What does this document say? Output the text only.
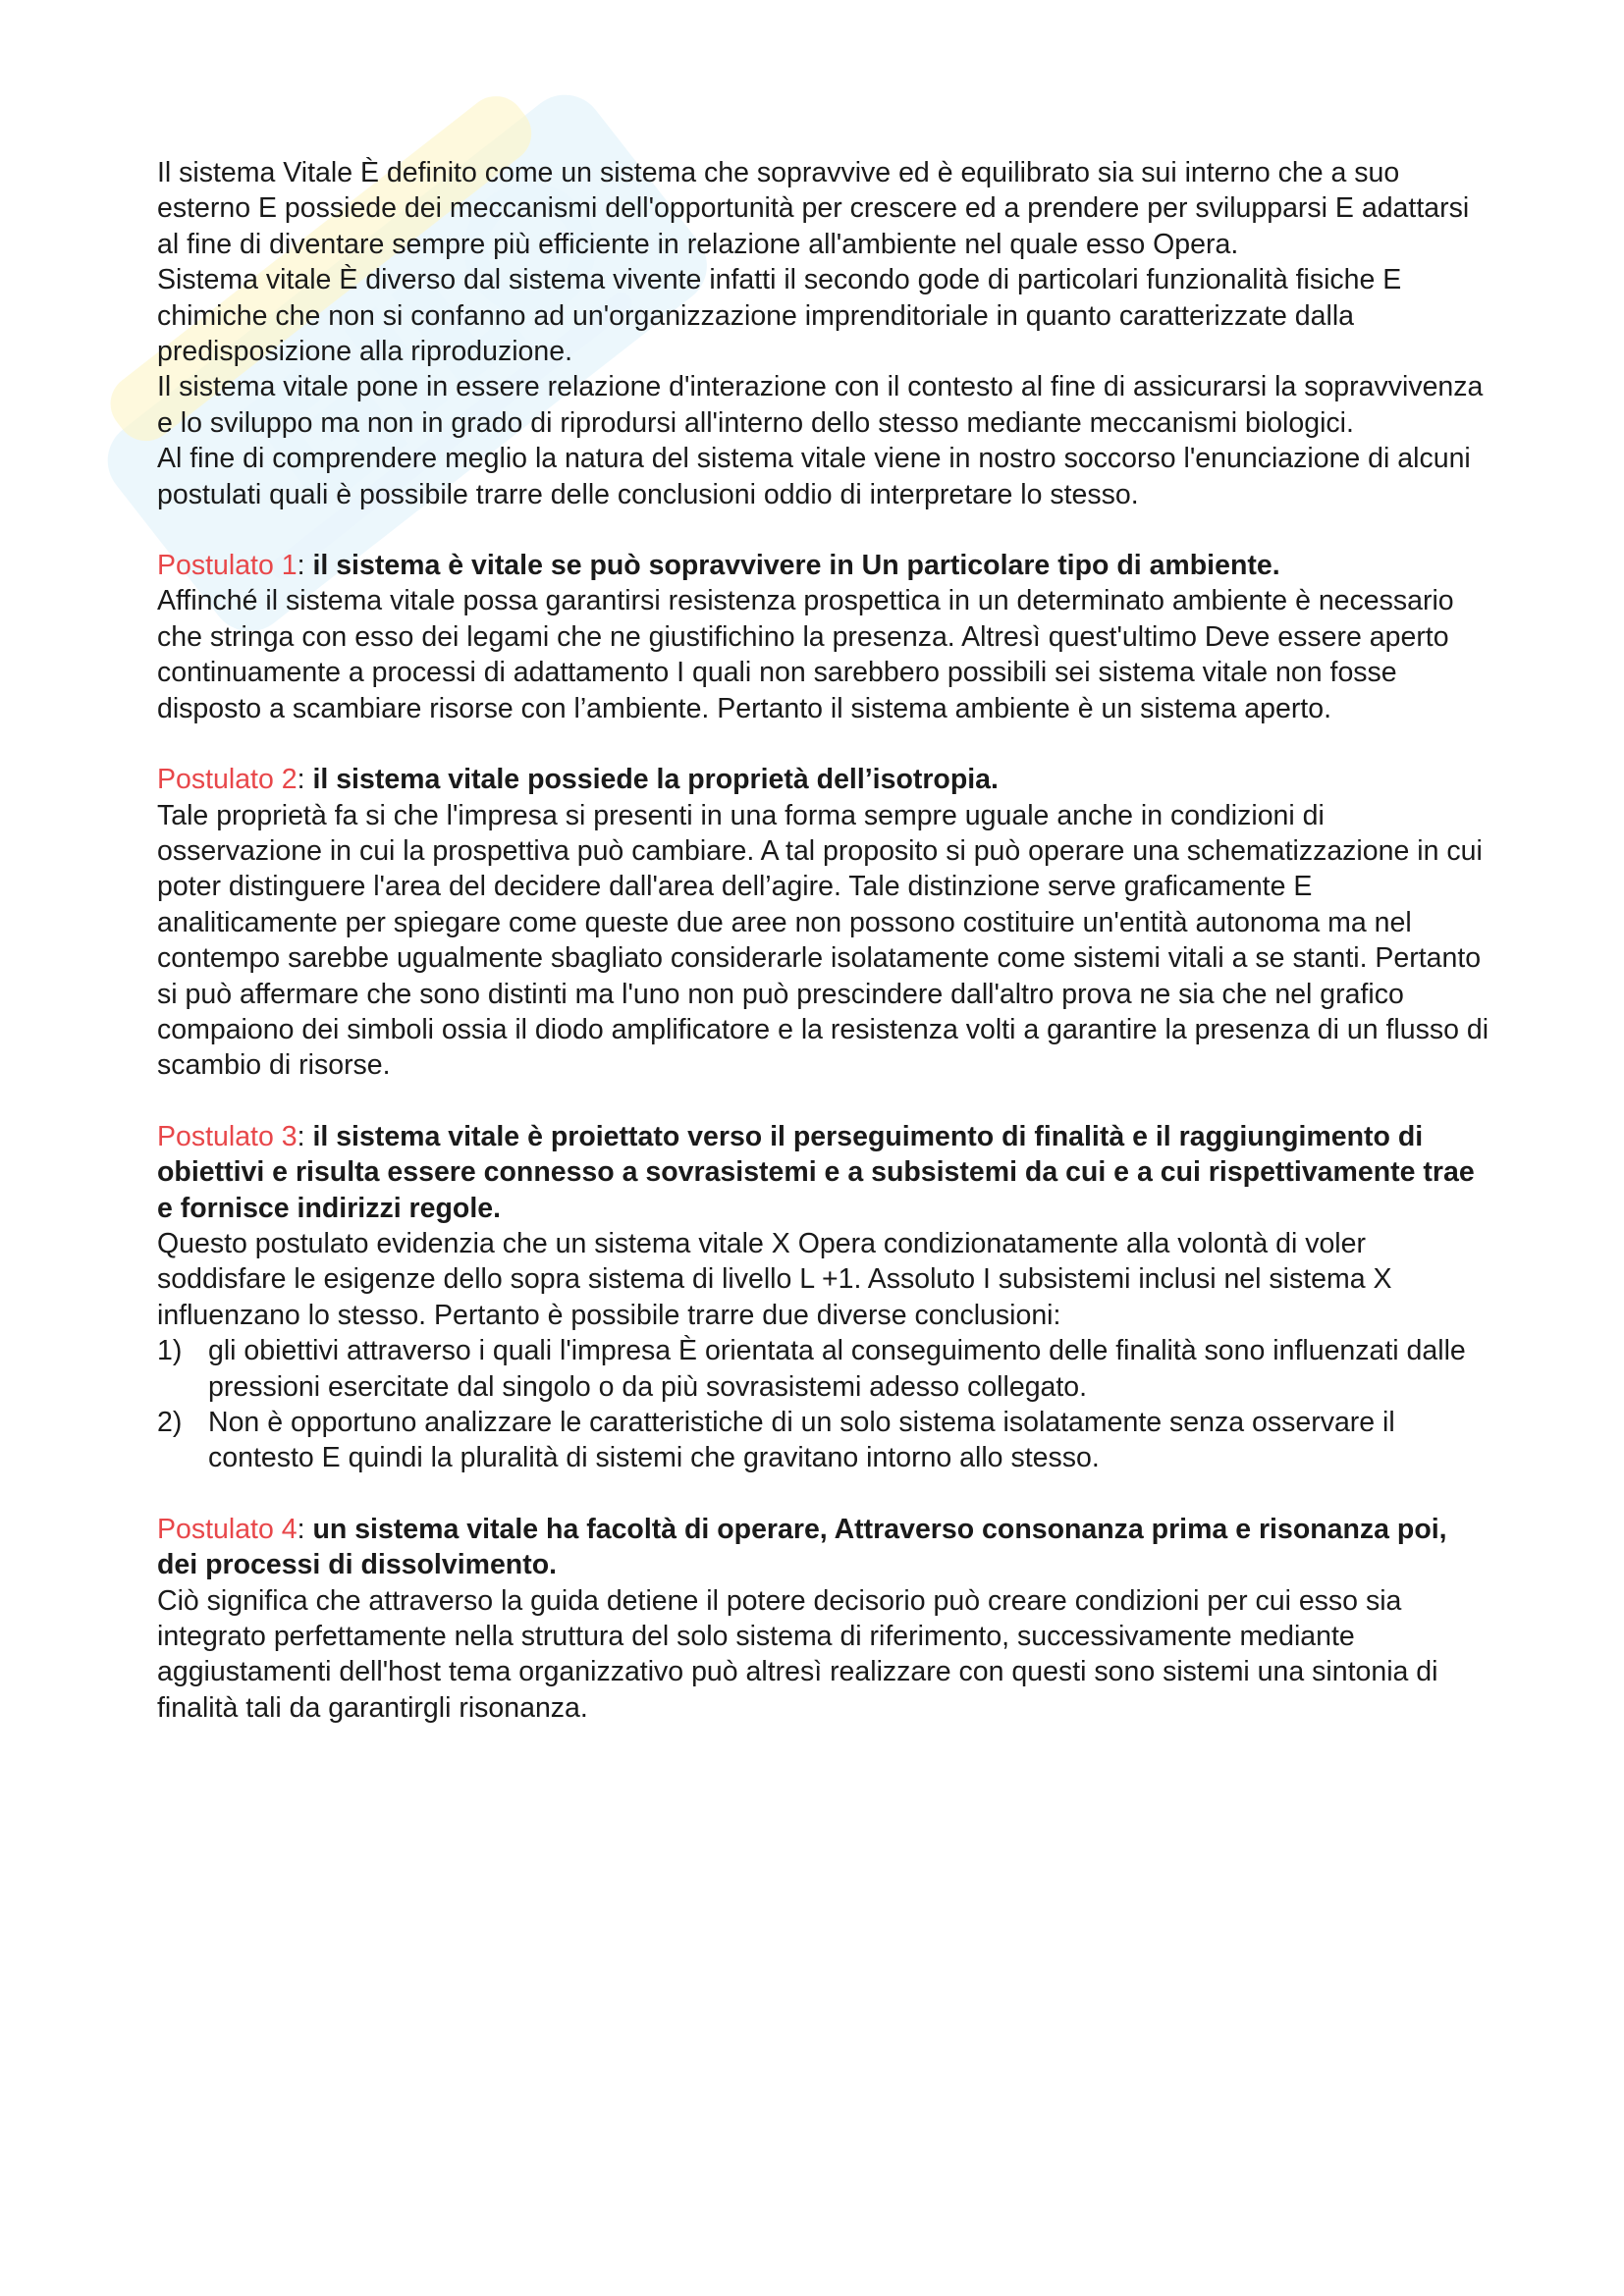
Il sistema Vitale È definito come un sistema che sopravvive ed è equilibrato sia sui interno che a suo esterno E possiede dei meccanismi dell'opportunità per crescere ed a prendere per svilupparsi E adattarsi al fine di diventare sempre più efficiente in relazione all'ambiente nel quale esso Opera.

Sistema vitale È diverso dal sistema vivente infatti il secondo gode di particolari funzionalità fisiche E chimiche che non si confanno ad un'organizzazione imprenditoriale in quanto caratterizzate dalla predisposizione alla riproduzione.

Il sistema vitale pone in essere relazione d'interazione con il contesto al fine di assicurarsi la sopravvivenza e lo sviluppo ma non in grado di riprodursi all'interno dello stesso mediante meccanismi biologici.

Al fine di comprendere meglio la natura del sistema vitale viene in nostro soccorso l'enunciazione di alcuni postulati quali è possibile trarre delle conclusioni oddio di interpretare lo stesso.

Postulato 1: il sistema è vitale se può sopravvivere in Un particolare tipo di ambiente.

Affinché il sistema vitale possa garantirsi resistenza prospettica in un determinato ambiente è necessario che stringa con esso dei legami che ne giustifichino la presenza. Altresì quest'ultimo Deve essere aperto continuamente a processi di adattamento I quali non sarebbero possibili sei sistema vitale non fosse disposto a scambiare risorse con l’ambiente. Pertanto il sistema ambiente è un sistema aperto.

Postulato 2: il sistema vitale possiede la proprietà dell’isotropia.

Tale proprietà fa si che l'impresa si presenti in una forma sempre uguale anche in condizioni di osservazione in cui la prospettiva può cambiare. A tal proposito si può operare una schematizzazione in cui poter distinguere l'area del decidere dall'area dell’agire. Tale distinzione serve graficamente E analiticamente per spiegare come queste due aree non possono costituire un'entità autonoma ma nel contempo sarebbe ugualmente sbagliato considerarle isolatamente come sistemi vitali a se stanti. Pertanto si può affermare che sono distinti ma l'uno non può prescindere dall'altro prova ne sia che nel grafico compaiono dei simboli ossia il diodo amplificatore e la resistenza volti a garantire la presenza di un flusso di scambio di risorse.

Postulato 3: il sistema vitale è proiettato verso il perseguimento di finalità e il raggiungimento di obiettivi e risulta essere connesso a sovrasistemi e a subsistemi da cui e a cui rispettivamente trae e fornisce indirizzi regole.

Questo postulato evidenzia che un sistema vitale X Opera condizionatamente alla volontà di voler soddisfare le esigenze dello sopra sistema di livello L +1. Assoluto I subsistemi inclusi nel sistema X influenzano lo stesso. Pertanto è possibile trarre due diverse conclusioni:

1) gli obiettivi attraverso i quali l'impresa È orientata al conseguimento delle finalità sono influenzati dalle pressioni esercitate dal singolo o da più sovrasistemi adesso collegato.
2) Non è opportuno analizzare le caratteristiche di un solo sistema isolatamente senza osservare il contesto E quindi la pluralità di sistemi che gravitano intorno allo stesso.

Postulato 4: un sistema vitale ha facoltà di operare, Attraverso consonanza prima e risonanza poi, dei processi di dissolvimento.

Ciò significa che attraverso la guida detiene il potere decisorio può creare condizioni per cui esso sia integrato perfettamente nella struttura del solo sistema di riferimento, successivamente mediante aggiustamenti dell'host tema organizzativo può altresì realizzare con questi sono sistemi una sintonia di finalità tali da garantirgli risonanza.
